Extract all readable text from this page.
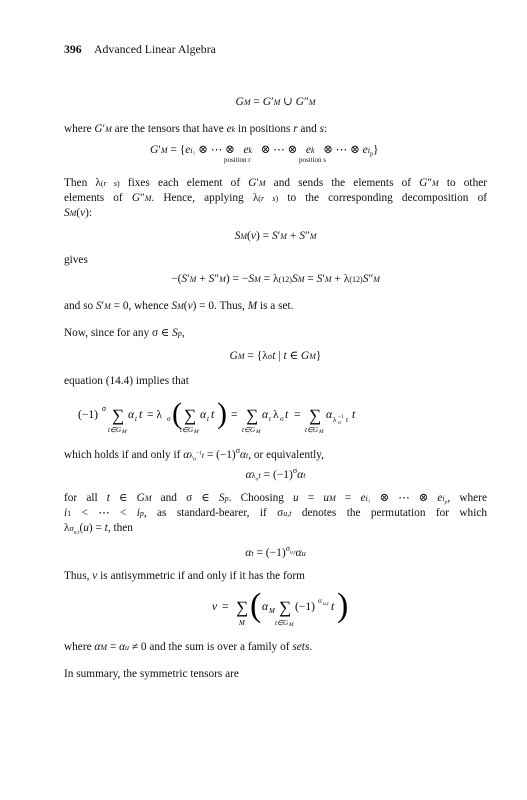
396 Advanced Linear Algebra
GM = G′M ∪ G″M
where G′M are the tensors that have ek in positions r and s:
G′M = {ei₁ ⊗ ⋯ ⊗   ek   ⊗ ⋯ ⊗   ek   ⊗ ⋯ ⊗ $ei_p$}
position r	position s
Then λ(r s) fixes each element of G′M and sends the elements of G″M to other
elements of G″M. Hence, applying λ(r s) to the corresponding decomposition of
SM(v):
SM(v) = S′M + S″M
gives
−(S′M + S″M) = −SM = λ(12)SM = S′M + λ(12)S″M
and so S′M = 0, whence SM(v) = 0. Thus, M is a set.
Now, since for any σ ∈ Sp,
GM = {λσt | t ∈ GM}
equation (14.4) implies that
(−1)
σ ∑
t∈G M
α t t = λ σ ( ∑
t∈G M
α t t ) = ∑
t∈G M
α t λ σ t = ∑
t∈G M
α λ σ
−1 t t
which holds if and only if $\alpha\lambda_\sigma^{-1}t = (-1)^\sigma\alpha t$, or equivalently,
$\alpha\lambda_\sigma t = (-1)^\sigma\alpha t$
for all t ∈ GM and σ ∈ Sp. Choosing u = uM = ei₁ ⊗ ⋯ ⊗ $ei_p$, where
i1 < ⋯ < ip, as standard-bearer, if σu,t denotes the permutation for which
$\lambda\sigma_{u,t}(u) = t$, then
$\alpha t = (-1)^{\sigma_{u,t}}\alpha u$
Thus, v is antisymmetric if and only if it has the form
v = ∑
M ( α M ∑
t∈G M
(−1) σ u,t t )
where αM = αu ≠ 0 and the sum is over a family of sets.
In summary, the symmetric tensors are
